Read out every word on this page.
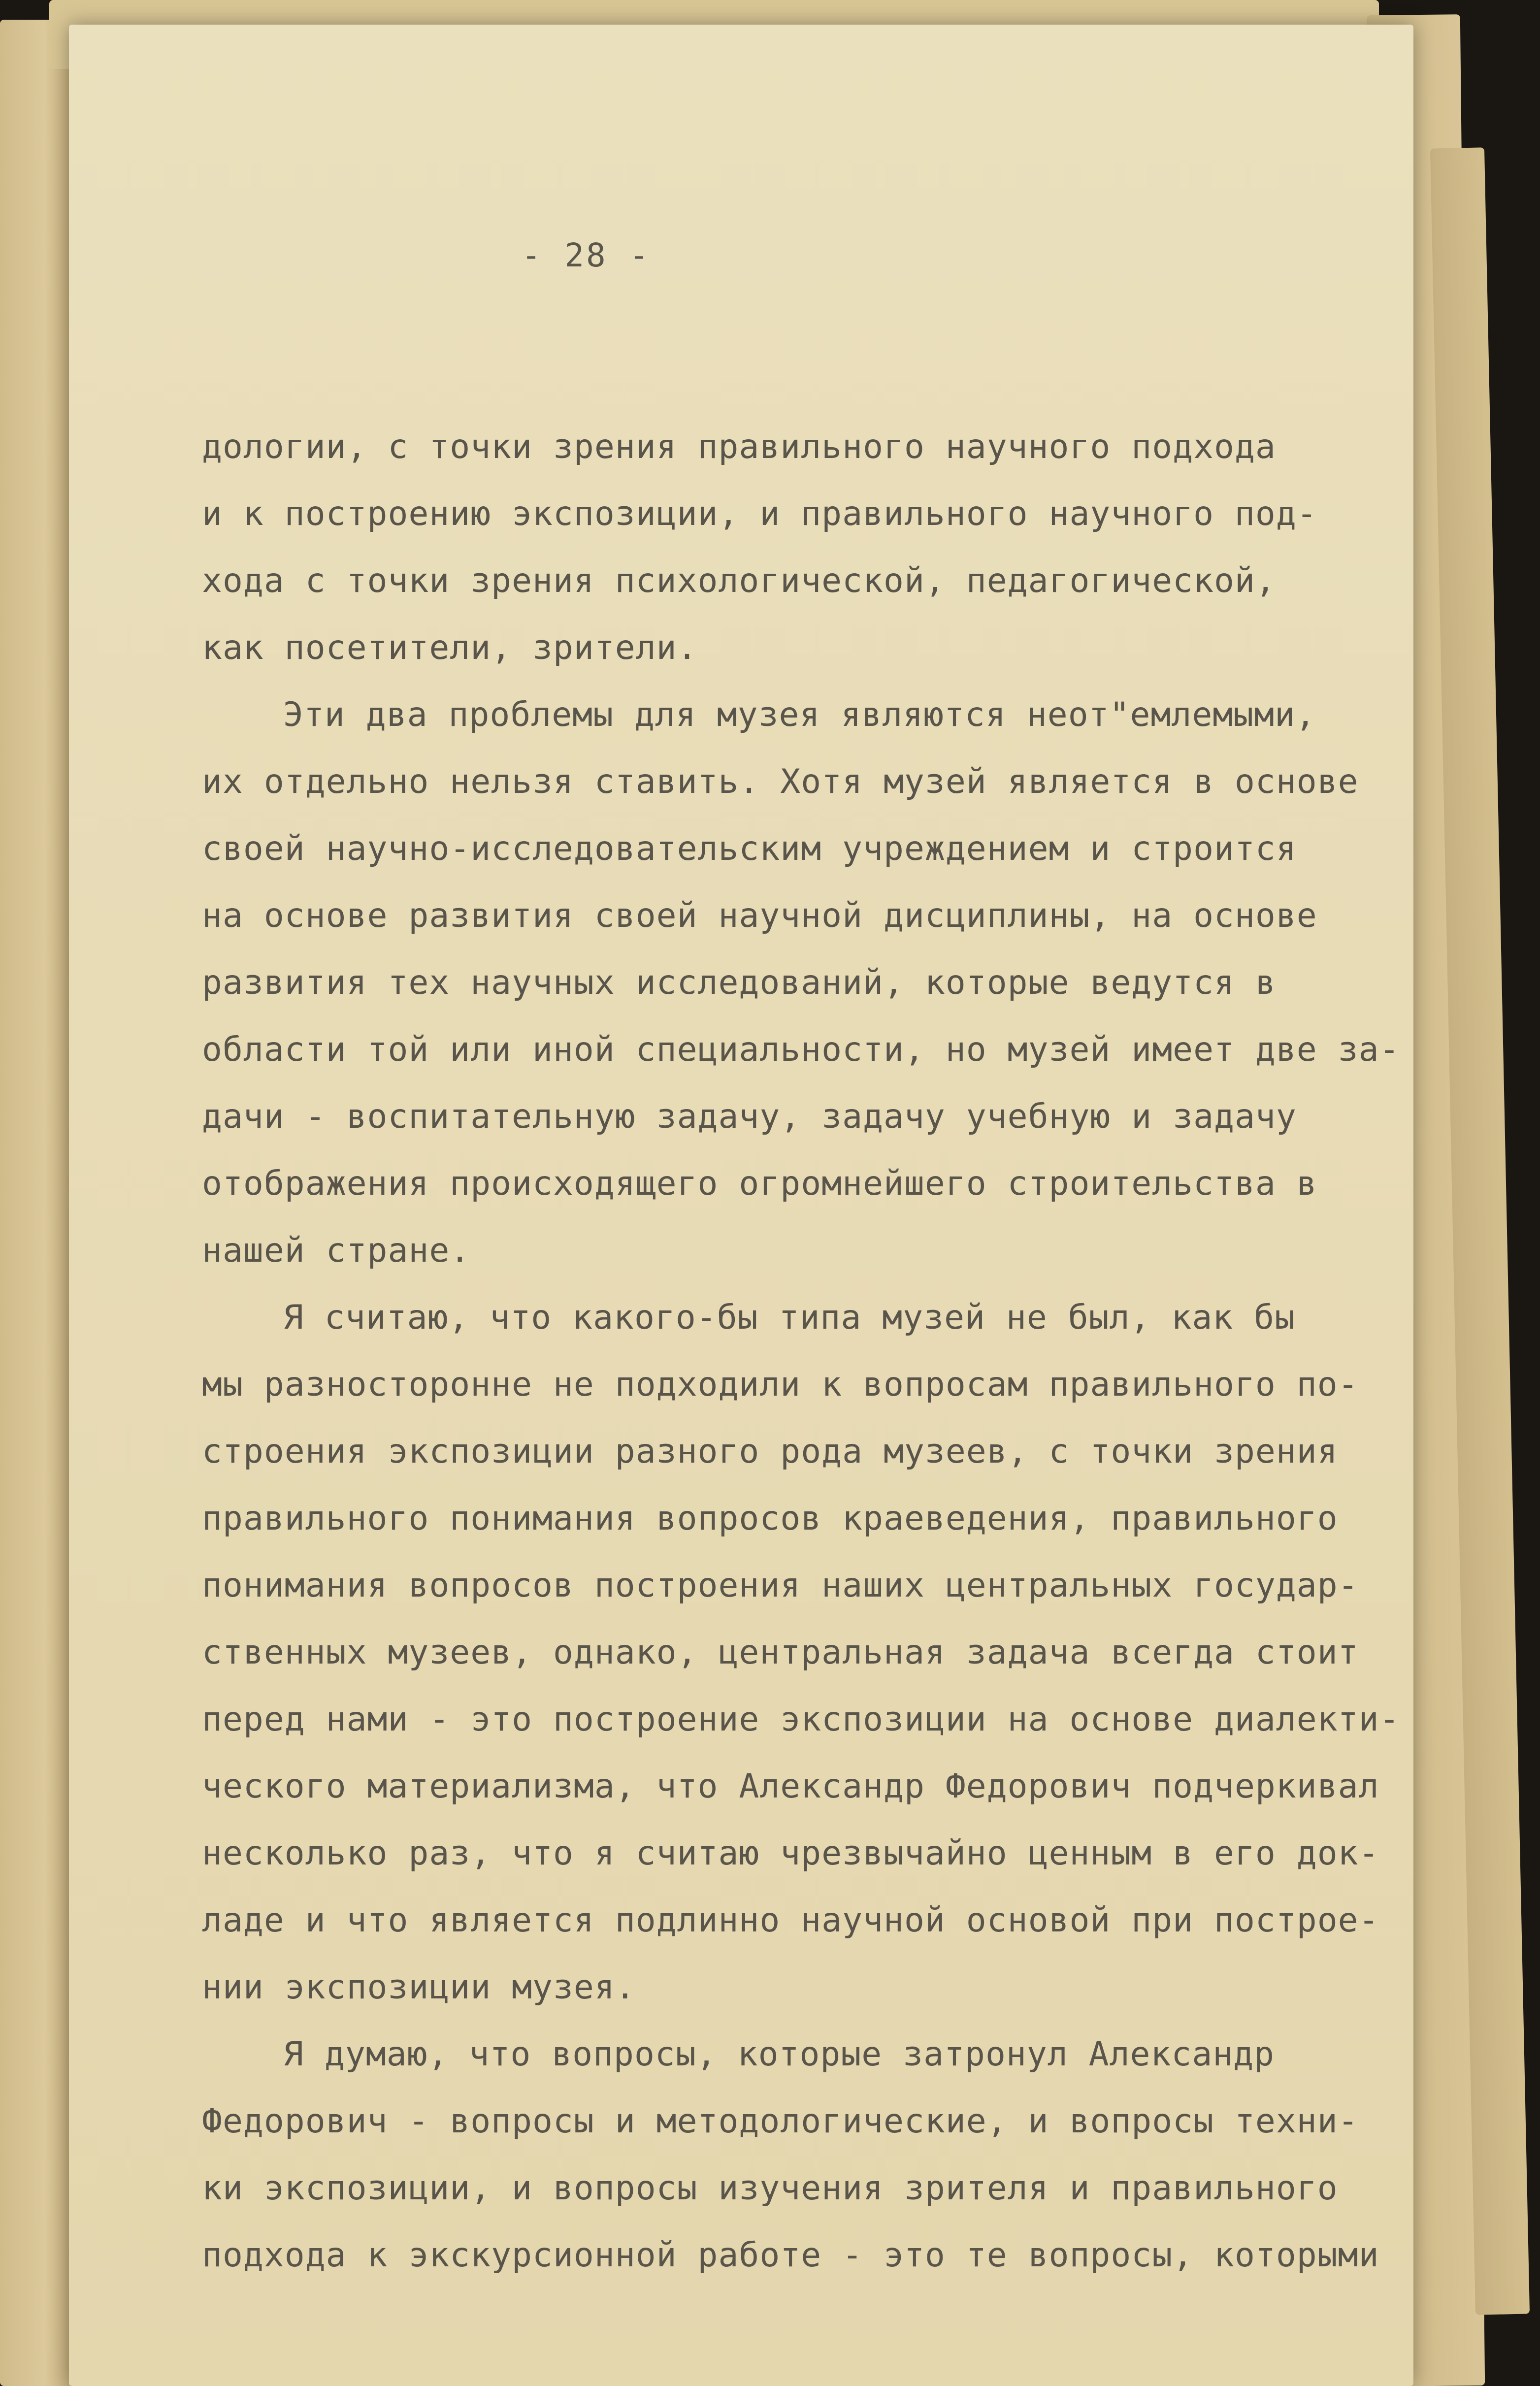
- 28 -
дологии, с точки зрения правильного научного подхода
и к построению экспозиции, и правильного научного под-
хода с точки зрения психологической, педагогической,
как посетители, зрители.
Эти два проблемы для музея являются неот"емлемыми,
их отдельно нельзя ставить. Хотя музей является в основе
своей научно-исследовательским учреждением и строится
на основе развития своей научной дисциплины, на основе
развития тех научных исследований, которые ведутся в
области той или иной специальности, но музей имеет две за-
дачи - воспитательную задачу, задачу учебную и задачу
отображения происходящего огромнейшего строительства в
нашей стране.
Я считаю, что какого-бы типа музей не был, как бы
мы разносторонне не подходили к вопросам правильного по-
строения экспозиции разного рода музеев, с точки зрения
правильного понимания вопросов краеведения, правильного
понимания вопросов построения наших центральных государ-
ственных музеев, однако, центральная задача всегда стоит
перед нами - это построение экспозиции на основе диалекти-
ческого материализма, что Александр Федорович подчеркивал
несколько раз, что я считаю чрезвычайно ценным в его док-
ладе и что является подлинно научной основой при построе-
нии экспозиции музея.
Я думаю, что вопросы, которые затронул Александр
Федорович - вопросы и методологические, и вопросы техни-
ки экспозиции, и вопросы изучения зрителя и правильного
подхода к экскурсионной работе - это те вопросы, которыми
